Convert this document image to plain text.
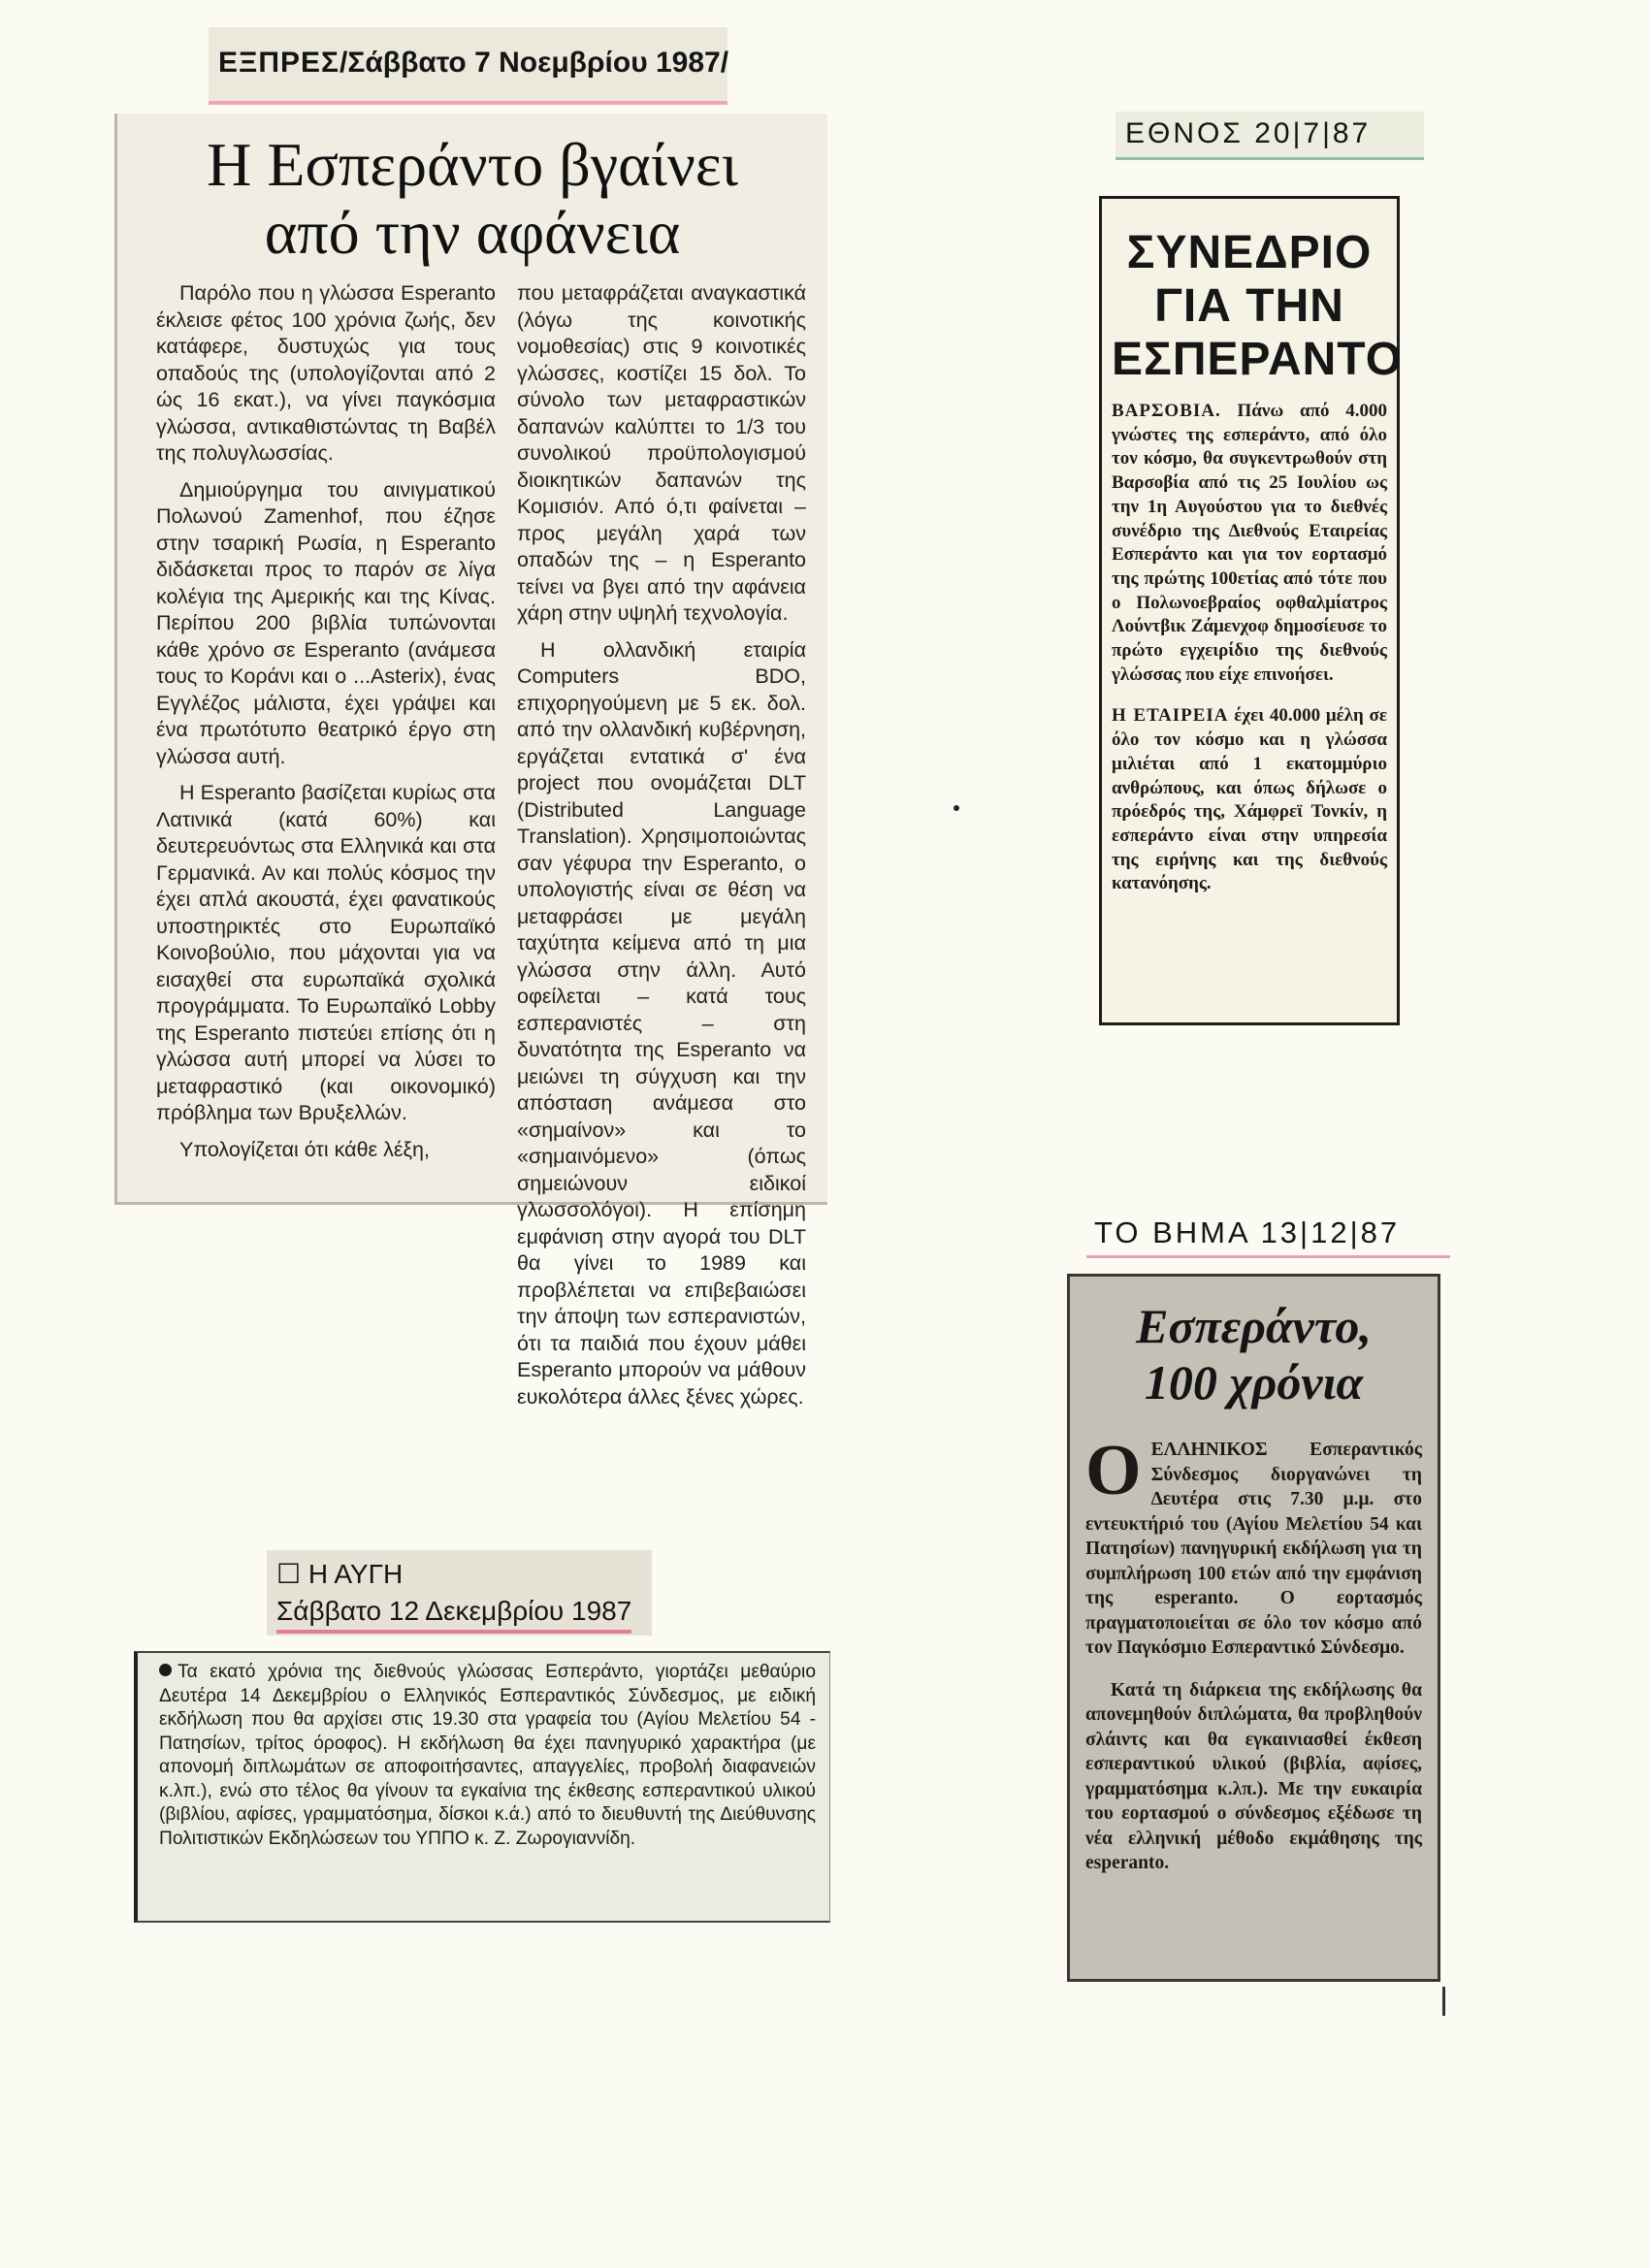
ΕΞΠΡΕΣ/Σάββατο 7 Νοεμβρίου 1987/
Η Εσπεράντο βγαίνει
από την αφάνεια

Παρόλο που η γλώσσα Esperanto έκλεισε φέτος 100 χρόνια ζωής, δεν κατάφερε, δυστυχώς για τους οπαδούς της (υπολογίζονται από 2 ώς 16 εκατ.), να γίνει παγκόσμια γλώσσα, αντικαθιστώντας τη Βαβέλ της πολυγλωσσίας.

Δημιούργημα του αινιγματικού Πολωνού Zamenhof, που έζησε στην τσαρική Ρωσία, η Esperanto διδάσκεται προς το παρόν σε λίγα κολέγια της Αμερικής και της Κίνας. Περίπου 200 βιβλία τυπώνονται κάθε χρόνο σε Esperanto (ανάμεσα τους το Κοράνι και ο ...Asterix), ένας Εγγλέζος μάλιστα, έχει γράψει και ένα πρωτότυπο θεατρικό έργο στη γλώσσα αυτή.

Η Esperanto βασίζεται κυρίως στα Λατινικά (κατά 60%) και δευτερευόντως στα Ελληνικά και στα Γερμανικά. Αν και πολύς κόσμος την έχει απλά ακουστά, έχει φανατικούς υποστηρικτές στο Ευρωπαϊκό Κοινοβούλιο, που μάχονται για να εισαχθεί στα ευρωπαϊκά σχολικά προγράμματα. Το Ευρωπαϊκό Lobby της Esperanto πιστεύει επίσης ότι η γλώσσα αυτή μπορεί να λύσει το μεταφραστικό (και οικονομικό) πρόβλημα των Βρυξελλών.

Υπολογίζεται ότι κάθε λέξη,

που μεταφράζεται αναγκαστικά (λόγω της κοινοτικής νομοθεσίας) στις 9 κοινοτικές γλώσσες, κοστίζει 15 δολ. Το σύνολο των μεταφραστικών δαπανών καλύπτει το 1/3 του συνολικού προϋπολογισμού διοικητικών δαπανών της Κομισιόν. Από ό,τι φαίνεται – προς μεγάλη χαρά των οπαδών της – η Esperanto τείνει να βγει από την αφάνεια χάρη στην υψηλή τεχνολογία.

Η ολλανδική εταιρία Computers BDO, επιχορηγούμενη με 5 εκ. δολ. από την ολλανδική κυβέρνηση, εργάζεται εντατικά σ' ένα project που ονομάζεται DLT (Distributed Language Translation). Χρησιμοποιώντας σαν γέφυρα την Esperanto, ο υπολογιστής είναι σε θέση να μεταφράσει με μεγάλη ταχύτητα κείμενα από τη μια γλώσσα στην άλλη. Αυτό οφείλεται – κατά τους εσπερανιστές – στη δυνατότητα της Esperanto να μειώνει τη σύγχυση και την απόσταση ανάμεσα στο «σημαίνον» και το «σημαινόμενο» (όπως σημειώνουν ειδικοί γλωσσολόγοι). Η επίσημη εμφάνιση στην αγορά του DLT θα γίνει το 1989 και προβλέπεται να επιβεβαιώσει την άποψη των εσπερανιστών, ότι τα παιδιά που έχουν μάθει Esperanto μπορούν να μάθουν ευκολότερα άλλες ξένες χώρες.

ΕΘΝΟΣ 20|7|87
ΣΥΝΕΔΡΙΟ
ΓΙΑ ΤΗΝ
ΕΣΠΕΡΑΝΤΟ

ΒΑΡΣΟΒΙΑ. Πάνω από 4.000 γνώστες της εσπεράντο, από όλο τον κόσμο, θα συγκεντρωθούν στη Βαρσοβία από τις 25 Ιουλίου ως την 1η Αυγούστου για το διεθνές συνέδριο της Διεθνούς Εταιρείας Εσπεράντο και για τον εορτασμό της πρώτης 100ετίας από τότε που ο Πολωνοεβραίος οφθαλμίατρος Λούντβικ Ζάμενχοφ δημοσίευσε το πρώτο εγχειρίδιο της διεθνούς γλώσσας που είχε επινοήσει.

Η ΕΤΑΙΡΕΙΑ έχει 40.000 μέλη σε όλο τον κόσμο και η γλώσσα μιλιέται από 1 εκατομμύριο ανθρώπους, και όπως δήλωσε ο πρόεδρός της, Χάμφρεϊ Τονκίν, η εσπεράντο είναι στην υπηρεσία της ειρήνης και της διεθνούς κατανόησης.

ΤΟ ΒΗΜΑ 13|12|87
Εσπεράντο,
100 χρόνια

ΟΕΛΛΗΝΙΚΟΣ Εσπεραντικός Σύνδεσμος διοργανώνει τη Δευτέρα στις 7.30 μ.μ. στο εντευκτήριό του (Αγίου Μελετίου 54 και Πατησίων) πανηγυρική εκδήλωση για τη συμπλήρωση 100 ετών από την εμφάνιση της esperanto. Ο εορτασμός πραγματοποιείται σε όλο τον κόσμο από τον Παγκόσμιο Εσπεραντικό Σύνδεσμο.

Κατά τη διάρκεια της εκδήλωσης θα απονεμηθούν διπλώματα, θα προβληθούν σλάιντς και θα εγκαινιασθεί έκθεση εσπεραντικού υλικού (βιβλία, αφίσες, γραμματόσημα κ.λπ.). Με την ευκαιρία του εορτασμού ο σύνδεσμος εξέδωσε τη νέα ελληνική μέθοδο εκμάθησης της esperanto.

☐ Η ΑΥΓΗ
Σάββατο 12 Δεκεμβρίου 1987
Τα εκατό χρόνια της διεθνούς γλώσσας Εσπεράντο, γιορτάζει μεθαύριο Δευτέρα 14 Δεκεμβρίου ο Ελληνικός Εσπεραντικός Σύνδεσμος, με ειδική εκδήλωση που θα αρχίσει στις 19.30 στα γραφεία του (Αγίου Μελετίου 54 - Πατησίων, τρίτος όροφος). Η εκδήλωση θα έχει πανηγυρικό χαρακτήρα (με απονομή διπλωμάτων σε αποφοιτήσαντες, απαγγελίες, προβολή διαφανειών κ.λπ.), ενώ στο τέλος θα γίνουν τα εγκαίνια της έκθεσης εσπεραντικού υλικού (βιβλίου, αφίσες, γραμματόσημα, δίσκοι κ.ά.) από το διευθυντή της Διεύθυνσης Πολιτιστικών Εκδηλώσεων του ΥΠΠΟ κ. Ζ. Ζωρογιαννίδη.
